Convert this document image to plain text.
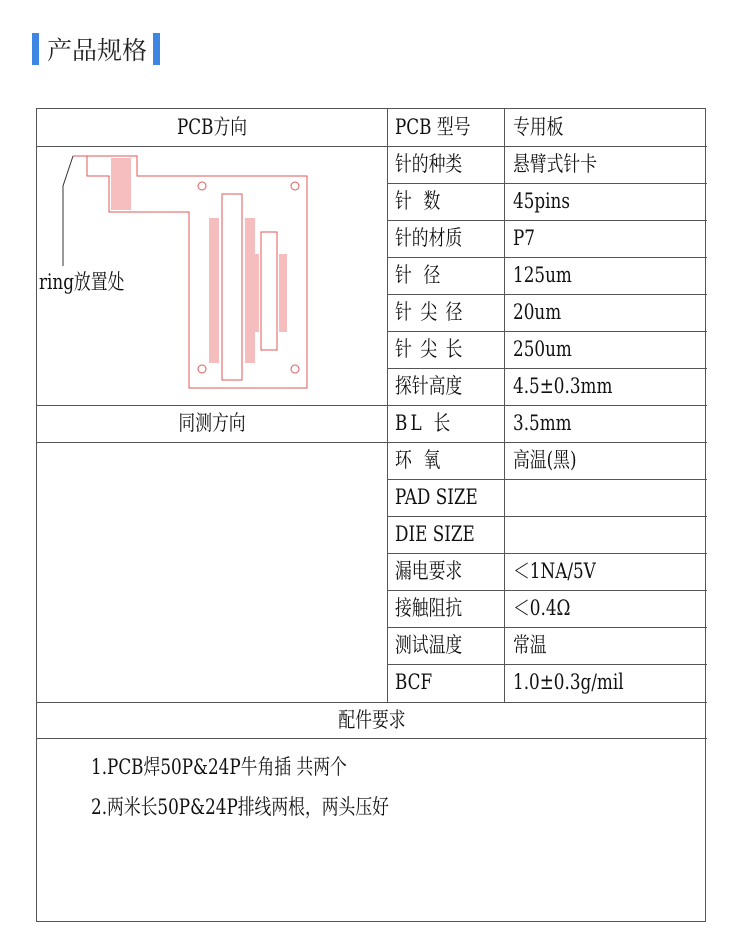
产品规格
PCB方向
同测方向
ring放置处
PCB 型号
针的种类
针 数
针的材质
针 径
针 尖 径
针 尖 长
探针高度
BL 长
环 氧
PAD SIZE
DIE SIZE
漏电要求
接触阻抗
测试温度
BCF
专用板
悬臂式针卡
45pins
P7
125um
20um
250um
4.5±0.3mm
3.5mm
高温(黑)
＜1NA/5V
＜0.4Ω
常温
1.0±0.3g/mil
配件要求
1.PCB焊50P&24P牛角插 共两个
2.两米长50P&24P排线两根，两头压好
